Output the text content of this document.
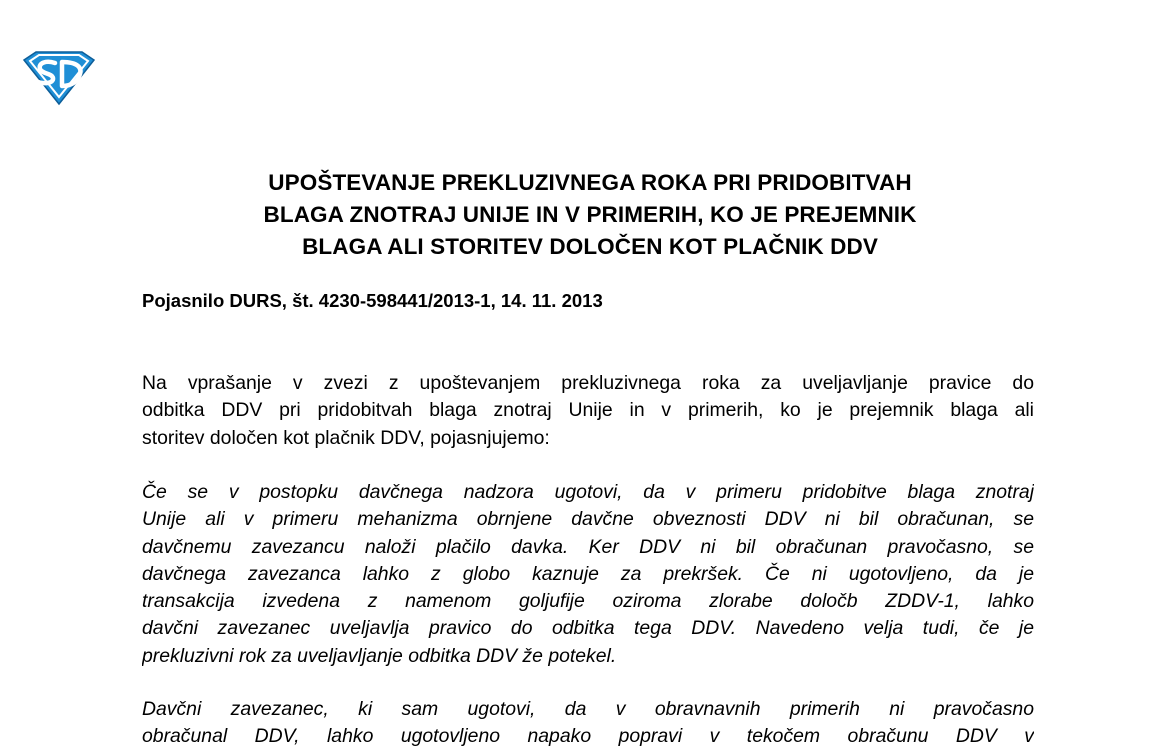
UPOŠTEVANJE PREKLUZIVNEGA ROKA PRI PRIDOBITVAH
BLAGA ZNOTRAJ UNIJE IN V PRIMERIH, KO JE PREJEMNIK
BLAGA ALI STORITEV DOLOČEN KOT PLAČNIK DDV
Pojasnilo DURS, št. 4230-598441/2013-1, 14. 11. 2013
Na vprašanje v zvezi z upoštevanjem prekluzivnega roka za uveljavljanje pravice do
odbitka DDV pri pridobitvah blaga znotraj Unije in v primerih, ko je prejemnik blaga ali
storitev določen kot plačnik DDV, pojasnjujemo:
Če se v postopku davčnega nadzora ugotovi, da v primeru pridobitve blaga znotraj
Unije ali v primeru mehanizma obrnjene davčne obveznosti DDV ni bil obračunan, se
davčnemu zavezancu naloži plačilo davka. Ker DDV ni bil obračunan pravočasno, se
davčnega zavezanca lahko z globo kaznuje za prekršek. Če ni ugotovljeno, da je
transakcija izvedena z namenom goljufije oziroma zlorabe določb ZDDV-1, lahko
davčni zavezanec uveljavlja pravico do odbitka tega DDV. Navedeno velja tudi, če je
prekluzivni rok za uveljavljanje odbitka DDV že potekel.
Davčni zavezanec, ki sam ugotovi, da v obravnavnih primerih ni pravočasno
obračunal DDV, lahko ugotovljeno napako popravi v tekočem obračunu DDV v
